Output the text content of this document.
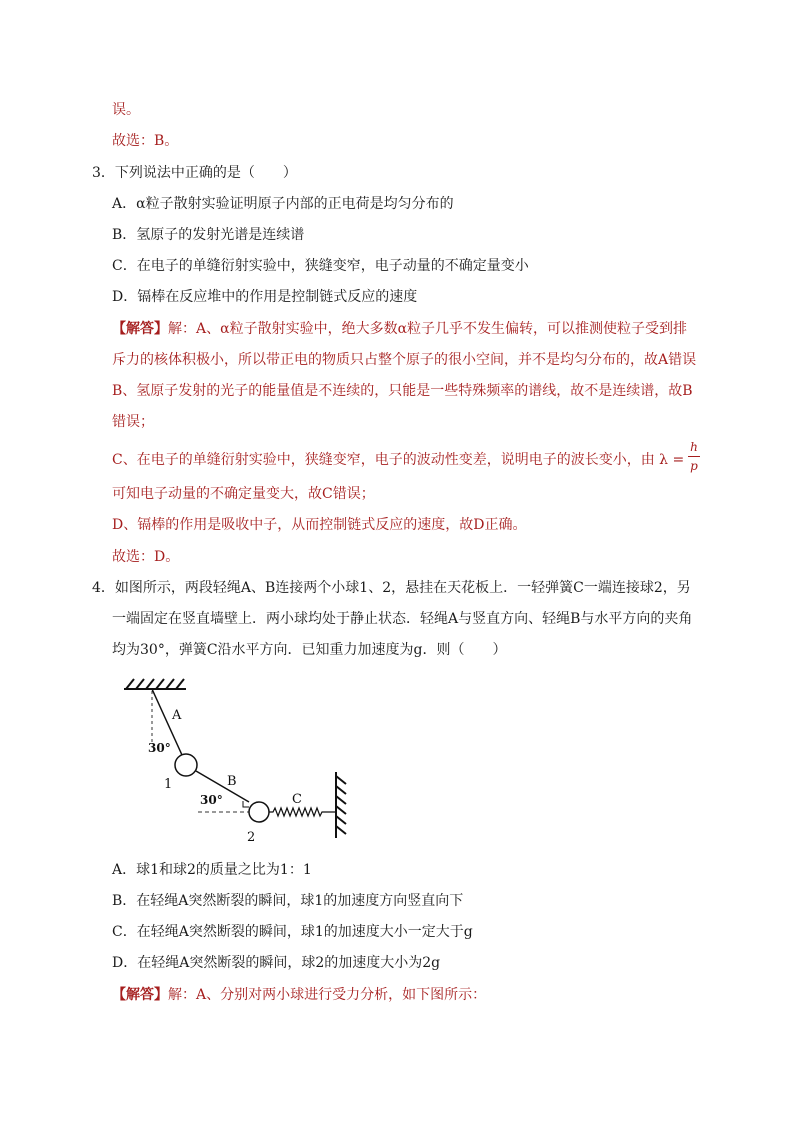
误。
故选：B。
3．下列说法中正确的是（　　）
A．α粒子散射实验证明原子内部的正电荷是均匀分布的
B．氢原子的发射光谱是连续谱
C．在电子的单缝衍射实验中，狭缝变窄，电子动量的不确定量变小
D．镉棒在反应堆中的作用是控制链式反应的速度
【解答】解：A、α粒子散射实验中，绝大多数α粒子几乎不发生偏转，可以推测使粒子受到排
斥力的核体积极小，所以带正电的物质只占整个原子的很小空间，并不是均匀分布的，故A错误
B、氢原子发射的光子的能量值是不连续的，只能是一些特殊频率的谱线，故不是连续谱，故B
错误；
C、在电子的单缝衍射实验中，狭缝变窄，电子的波动性变差，说明电子的波长变小，由 λ =
h
p
可知电子动量的不确定量变大，故C错误；
D、镉棒的作用是吸收中子，从而控制链式反应的速度，故D正确。
故选：D。
4．如图所示，两段轻绳A、B连接两个小球1、2，悬挂在天花板上．一轻弹簧C一端连接球2，另
一端固定在竖直墙壁上．两小球均处于静止状态．轻绳A与竖直方向、轻绳B与水平方向的夹角
均为30°，弹簧C沿水平方向．已知重力加速度为g．则（　　）
A
30°
1	B
30°	C
2
A．球1和球2的质量之比为1：1
B．在轻绳A突然断裂的瞬间，球1的加速度方向竖直向下
C．在轻绳A突然断裂的瞬间，球1的加速度大小一定大于g
D．在轻绳A突然断裂的瞬间，球2的加速度大小为2g
【解答】解：A、分别对两小球进行受力分析，如下图所示：
